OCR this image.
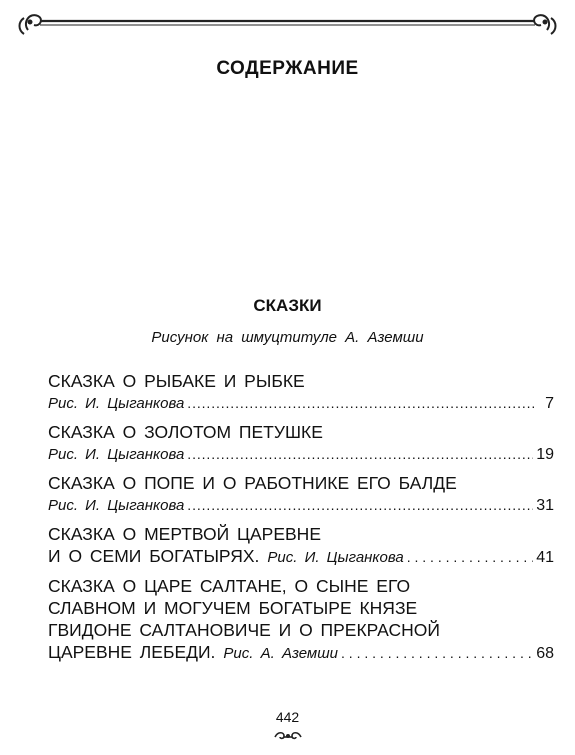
СОДЕРЖАНИЕ
СКАЗКИ
Рисунок на шмуцтитуле А. Аземши
СКАЗКА О РЫБАКЕ И РЫБКЕ
Рис. И. Цыганкова . . .	7
СКАЗКА О ЗОЛОТОМ ПЕТУШКЕ
Рис. И. Цыганкова . . .	19
СКАЗКА О ПОПЕ И О РАБОТНИКЕ ЕГО БАЛДЕ
Рис. И. Цыганкова . . .	31
СКАЗКА О МЕРТВОЙ ЦАРЕВНЕ
И О СЕМИ БОГАТЫРЯХ. Рис. И. Цыганкова . . .	41
СКАЗКА О ЦАРЕ САЛТАНЕ, О СЫНЕ ЕГО
СЛАВНОМ И МОГУЧЕМ БОГАТЫРЕ КНЯЗЕ
ГВИДОНЕ САЛТАНОВИЧЕ И О ПРЕКРАСНОЙ
ЦАРЕВНЕ ЛЕБЕДИ. Рис. А. Аземши . . .	68
442
